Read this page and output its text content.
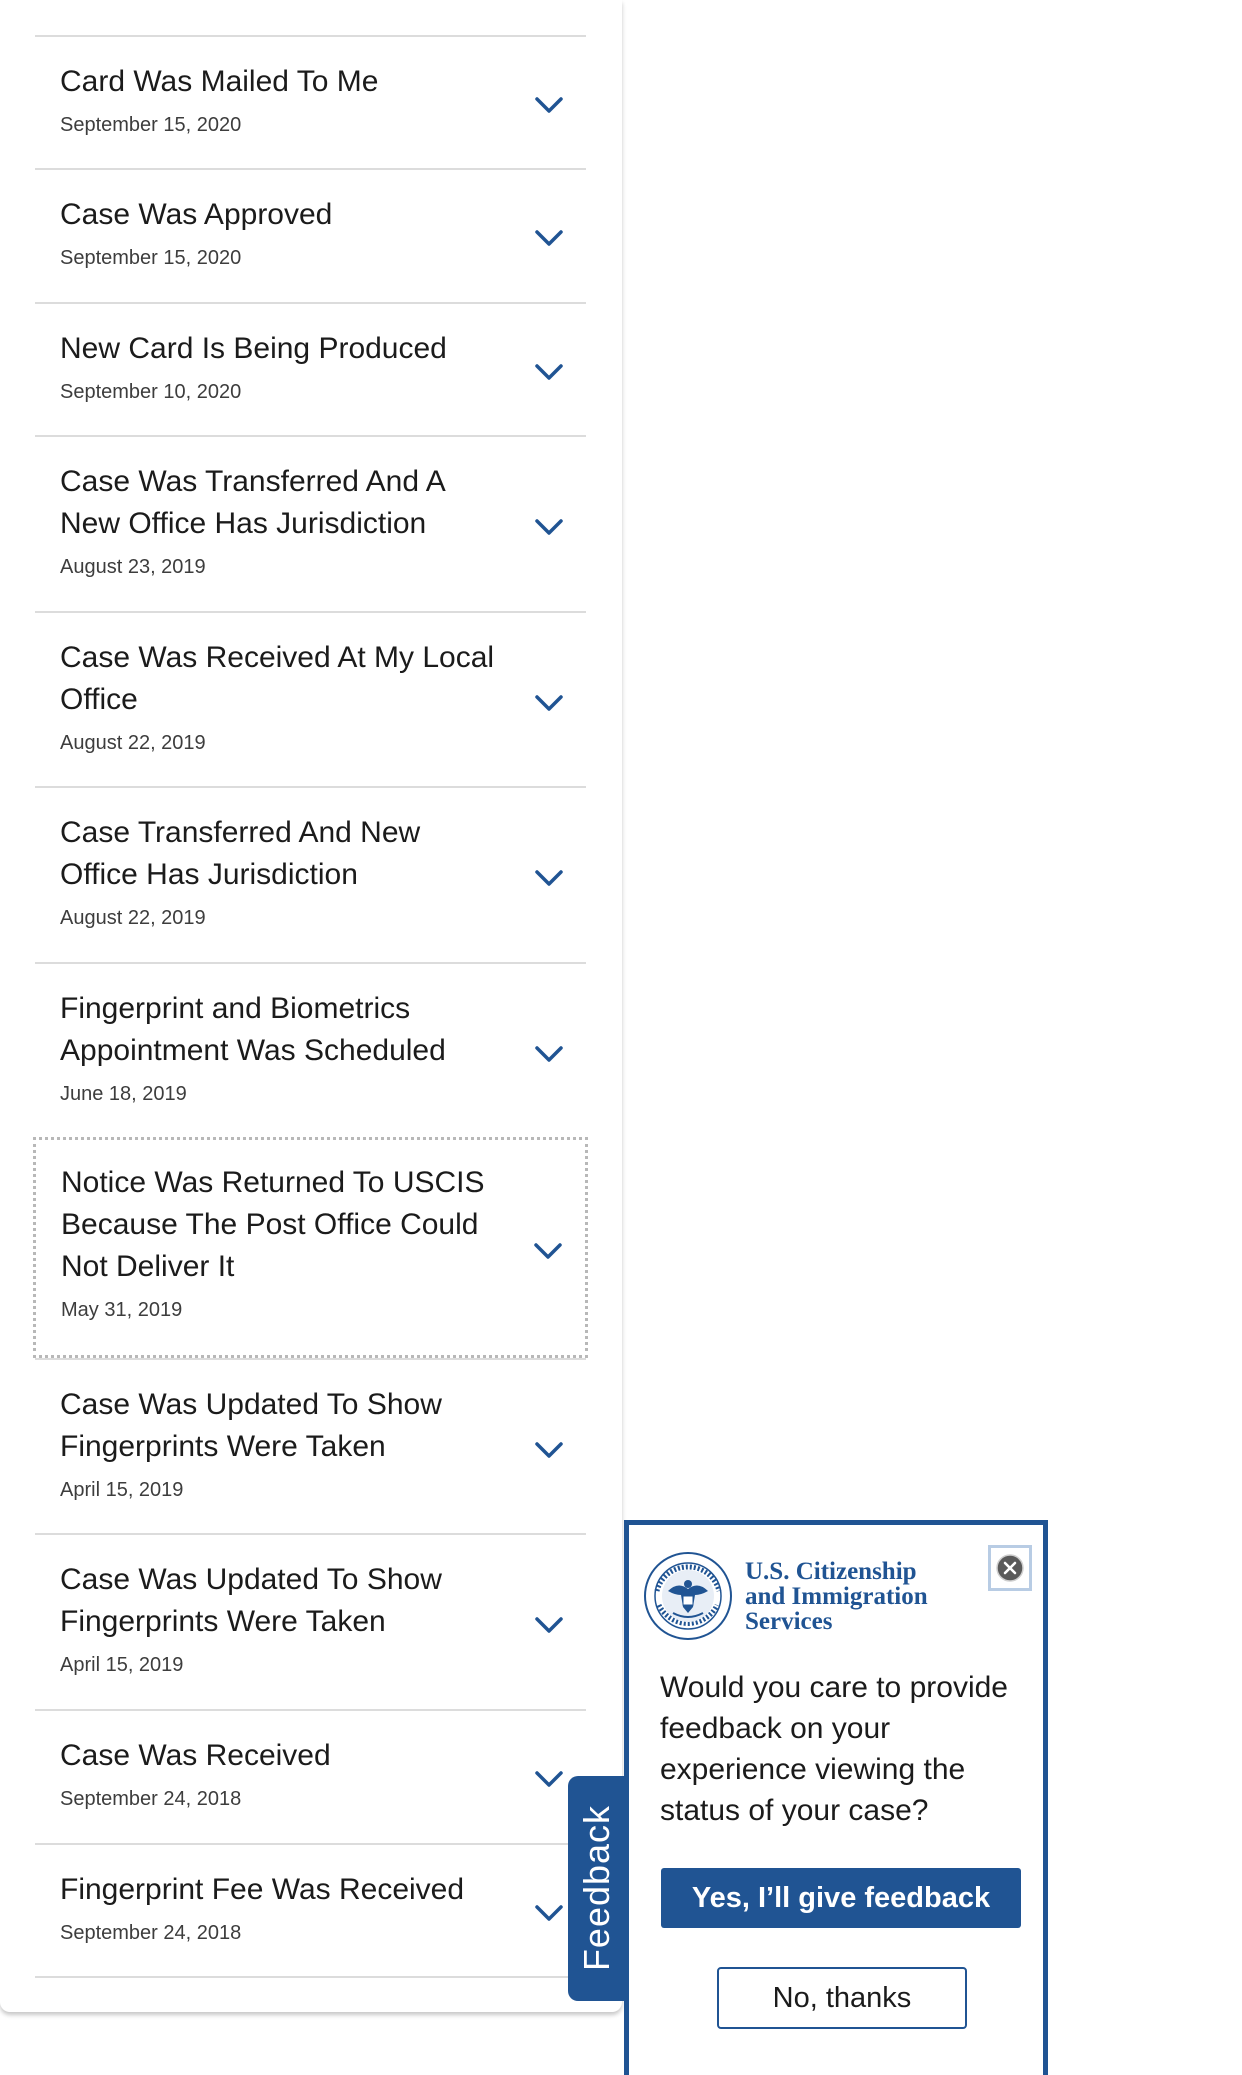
Card Was Mailed To Me
September 15, 2020
Case Was Approved
September 15, 2020
New Card Is Being Produced
September 10, 2020
Case Was Transferred And A New Office Has Jurisdiction
August 23, 2019
Case Was Received At My Local Office
August 22, 2019
Case Transferred And New Office Has Jurisdiction
August 22, 2019
Fingerprint and Biometrics Appointment Was Scheduled
June 18, 2019
Notice Was Returned To USCIS Because The Post Office Could Not Deliver It
May 31, 2019
Case Was Updated To Show Fingerprints Were Taken
April 15, 2019
Case Was Updated To Show Fingerprints Were Taken
April 15, 2019
Case Was Received
September 24, 2018
Fingerprint Fee Was Received
September 24, 2018	Feedback
U.S. Citizenship and Immigration Services
Would you care to provide feedback on your experience viewing the status of your case?
Yes, I’ll give feedback
No, thanks
